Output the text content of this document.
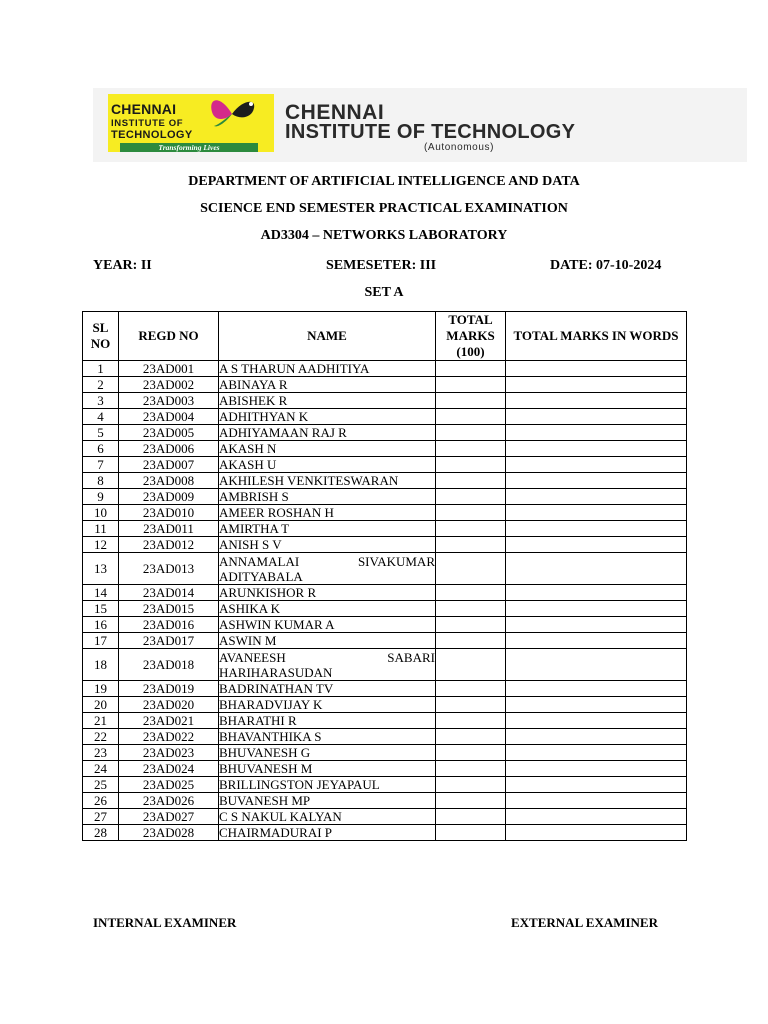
CHENNAI
INSTITUTE OF
TECHNOLOGY
Transforming Lives
CHENNAI
INSTITUTE OF TECHNOLOGY
(Autonomous)
DEPARTMENT OF ARTIFICIAL INTELLIGENCE AND DATA
SCIENCE END SEMESTER PRACTICAL EXAMINATION
AD3304 – NETWORKS LABORATORY
YEAR: II	SEMESETER: III	DATE: 07-10-2024
SET A
SL NO	REGD NO	NAME	TOTAL MARKS (100)	TOTAL MARKS IN WORDS
1	23AD001	A S THARUN AADHITIYA		
2	23AD002	ABINAYA R		
3	23AD003	ABISHEK R		
4	23AD004	ADHITHYAN K		
5	23AD005	ADHIYAMAAN RAJ R		
6	23AD006	AKASH N		
7	23AD007	AKASH U		
8	23AD008	AKHILESH VENKITESWARAN		
9	23AD009	AMBRISH S		
10	23AD010	AMEER ROSHAN H		
11	23AD011	AMIRTHA T		
12	23AD012	ANISH S V		
13	23AD013	ANNAMALAI SIVAKUMAR ADITYABALA		
14	23AD014	ARUNKISHOR R		
15	23AD015	ASHIKA K		
16	23AD016	ASHWIN KUMAR A		
17	23AD017	ASWIN M		
18	23AD018	AVANEESH SABARI HARIHARASUDAN		
19	23AD019	BADRINATHAN TV		
20	23AD020	BHARADVIJAY K		
21	23AD021	BHARATHI R		
22	23AD022	BHAVANTHIKA S		
23	23AD023	BHUVANESH G		
24	23AD024	BHUVANESH M		
25	23AD025	BRILLINGSTON JEYAPAUL		
26	23AD026	BUVANESH MP		
27	23AD027	C S NAKUL KALYAN		
28	23AD028	CHAIRMADURAI P		
INTERNAL EXAMINER	EXTERNAL EXAMINER
